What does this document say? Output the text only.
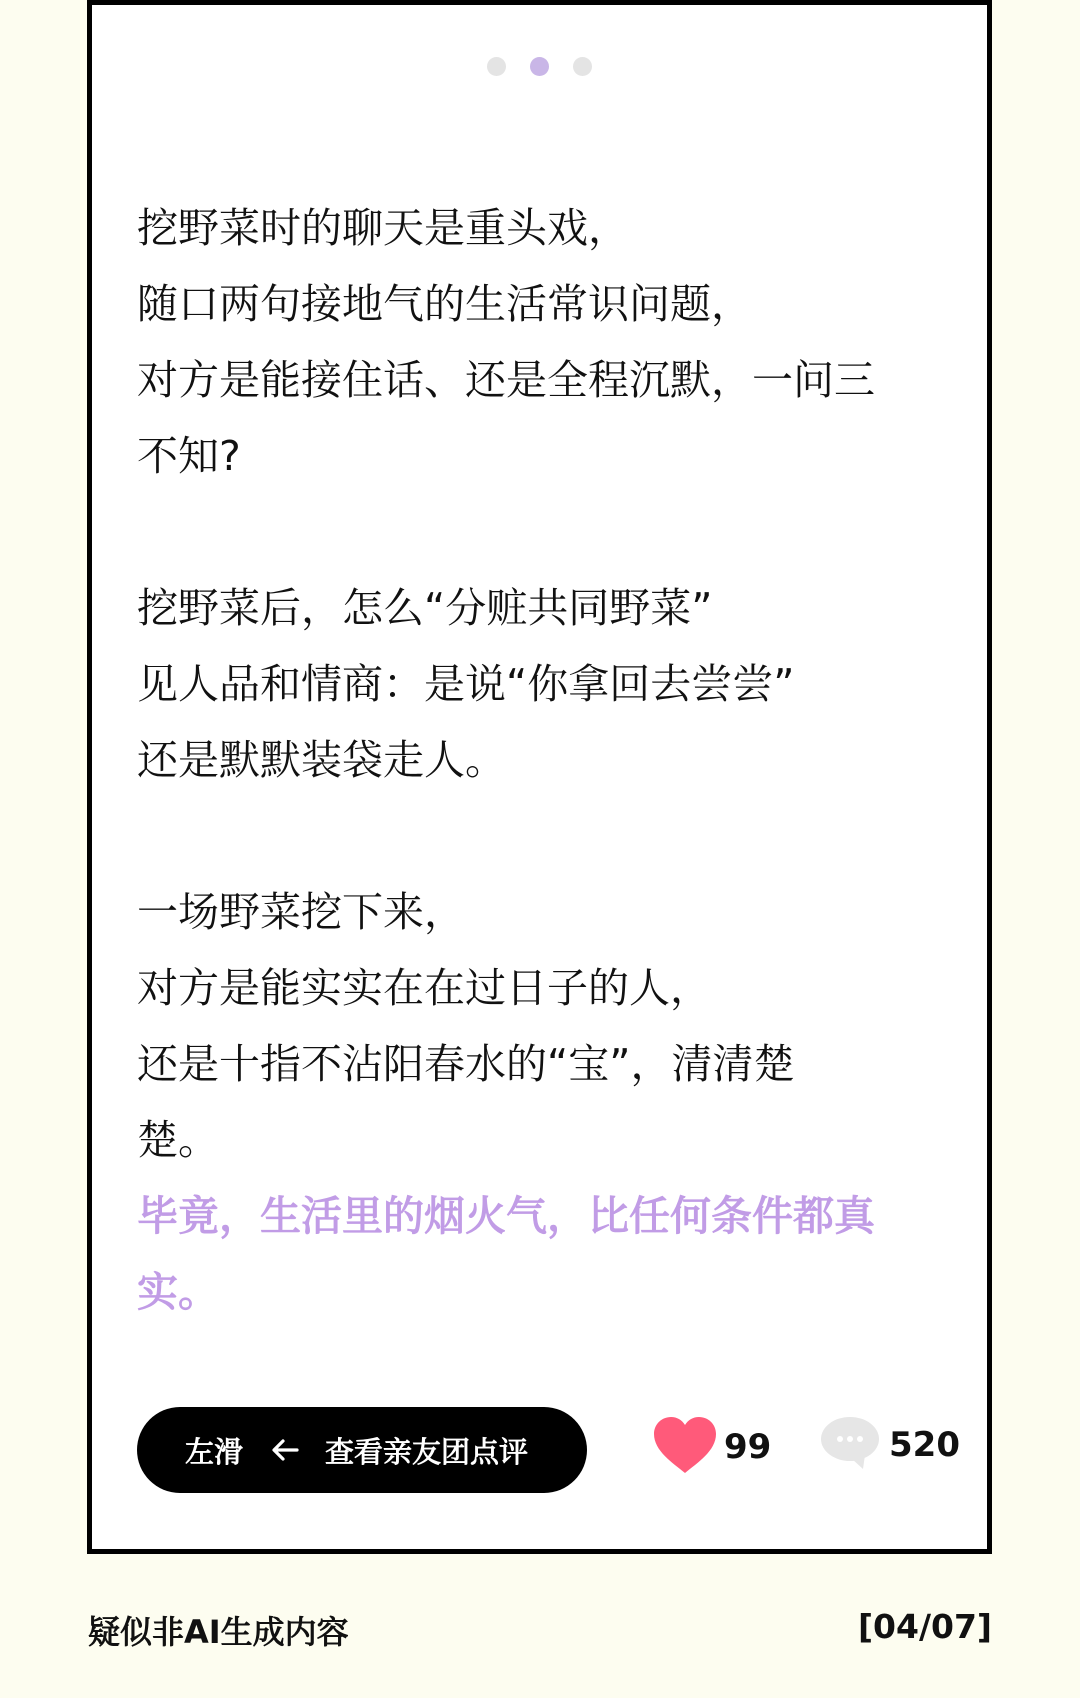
挖野菜时的聊天是重头戏，
随口两句接地气的生活常识问题，
对方是能接住话、还是全程沉默，一问三
不知?

挖野菜后，怎么“分赃共同野菜”
见人品和情商：是说“你拿回去尝尝”
还是默默装袋走人。

一场野菜挖下来，
对方是能实实在在过日子的人，
还是十指不沾阳春水的“宝”，清清楚
楚。

毕竟，生活里的烟火气，比任何条件都真
实。

左滑	查看亲友团点评	99	520
疑似非AI生成内容	[04/07]
